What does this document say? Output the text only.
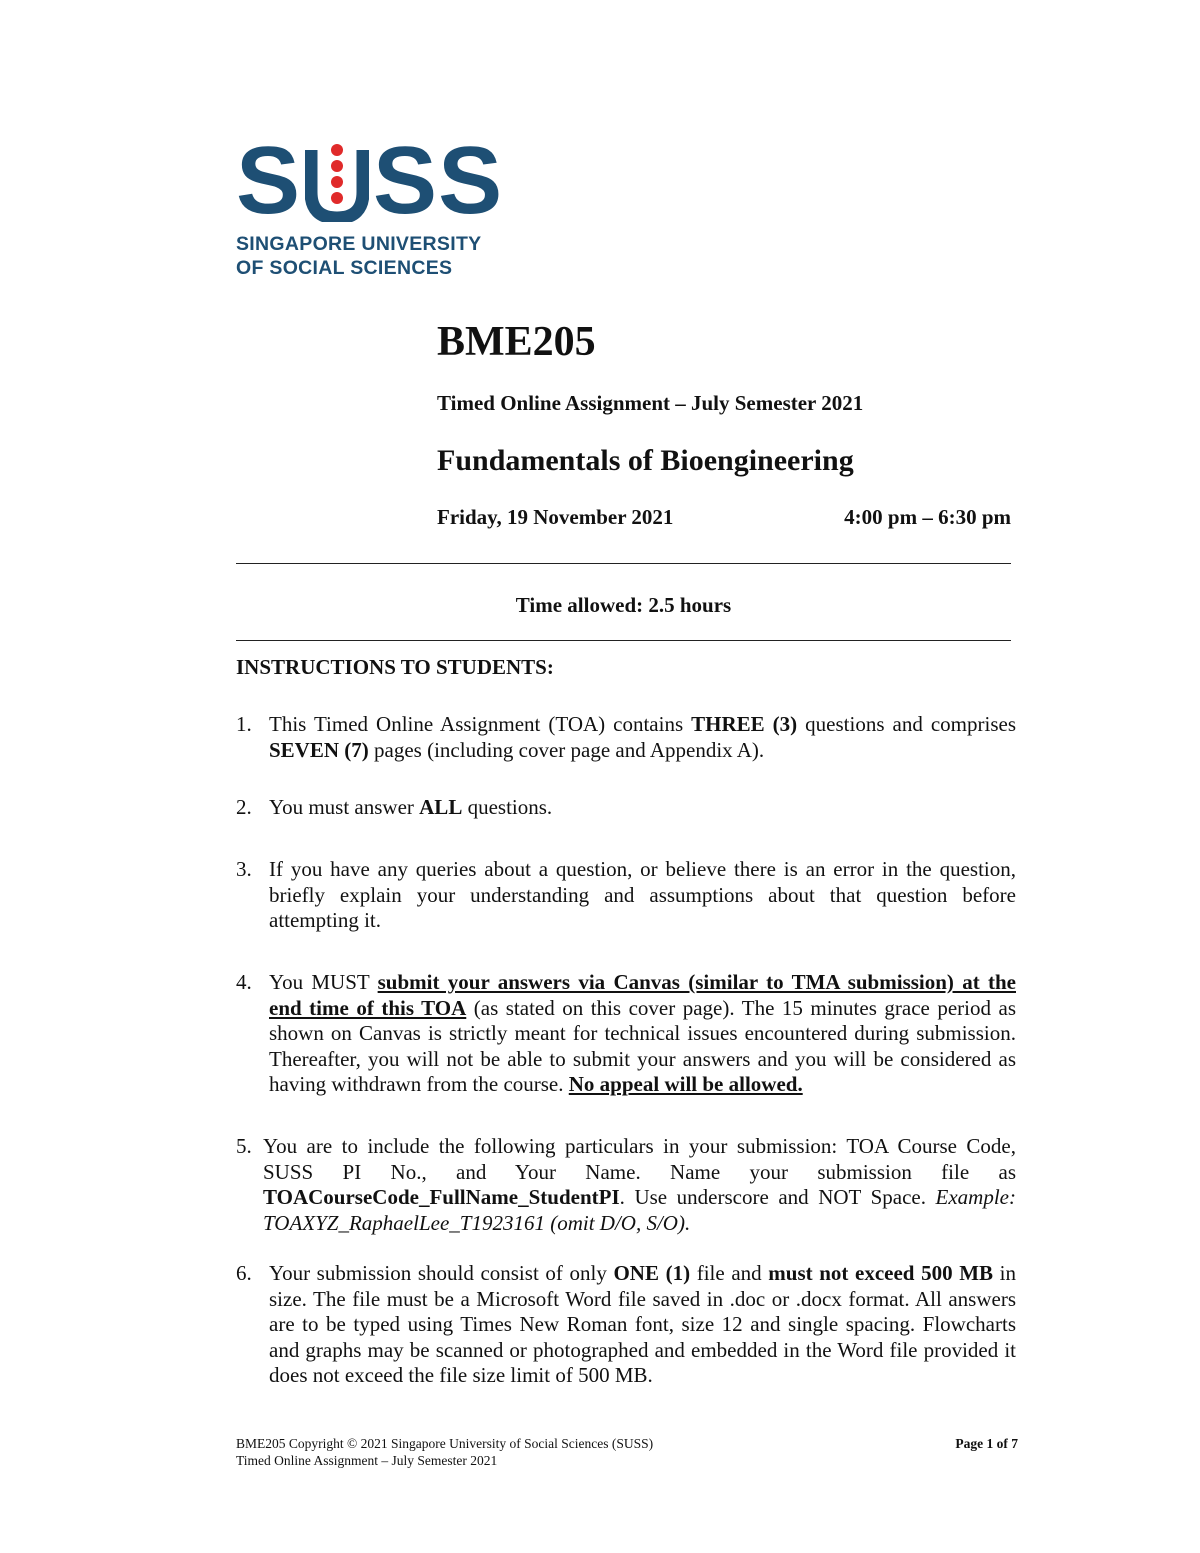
S S S
SINGAPORE UNIVERSITY
OF SOCIAL SCIENCES
BME205
Timed Online Assignment – July Semester 2021
Fundamentals of Bioengineering
Friday, 19 November 2021	4:00 pm – 6:30 pm
Time allowed: 2.5 hours
INSTRUCTIONS TO STUDENTS:
1. This Timed Online Assignment (TOA) contains THREE (3) questions and comprises SEVEN (7) pages (including cover page and Appendix A).
2. You must answer ALL questions.
3. If you have any queries about a question, or believe there is an error in the question, briefly explain your understanding and assumptions about that question before attempting it.
4. You MUST submit your answers via Canvas (similar to TMA submission) at the end time of this TOA (as stated on this cover page). The 15 minutes grace period as shown on Canvas is strictly meant for technical issues encountered during submission. Thereafter, you will not be able to submit your answers and you will be considered as having withdrawn from the course. No appeal will be allowed.
5. You are to include the following particulars in your submission: TOA Course Code, SUSS PI No., and Your Name. Name your submission file as TOACourseCode_FullName_StudentPI. Use underscore and NOT Space. Example: TOAXYZ_RaphaelLee_T1923161 (omit D/O, S/O).
6. Your submission should consist of only ONE (1) file and must not exceed 500 MB in size. The file must be a Microsoft Word file saved in .doc or .docx format. All answers are to be typed using Times New Roman font, size 12 and single spacing. Flowcharts and graphs may be scanned or photographed and embedded in the Word file provided it does not exceed the file size limit of 500 MB.
BME205 Copyright © 2021 Singapore University of Social Sciences (SUSS)
Timed Online Assignment – July Semester 2021
Page 1 of 7
